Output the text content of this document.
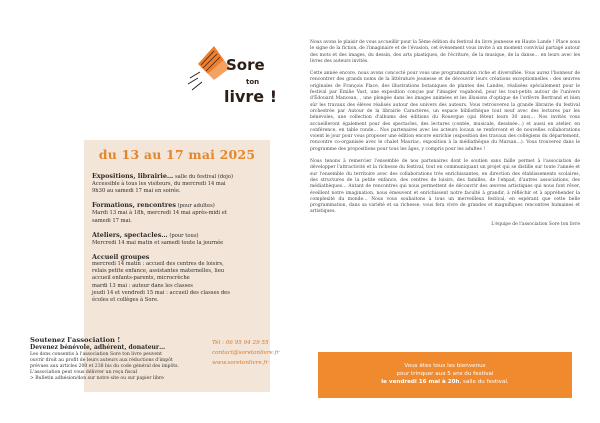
Sore
ton
livre !
du 13 au 17 mai 2025
Expositions, librairie… salle du festival (dojo)
Accessible à tous les visiteurs, du mercredi 14 mai
9h30 au samedi 17 mai en soirée.
Formations, rencontres (pour adultes)
Mardi 13 mai à 18h, mercredi 14 mai après-midi et
samedi 17 mai.
Ateliers, spectacles… (pour tous)
Mercredi 14 mai matin et samedi toute la journée
Accueil groupes
mercredi 14 matin : accueil des centres de loisirs,
relais petite enfance, assistantes maternelles, lieu
accueil enfants-parents, microcrèche
mardi 13 mai : auteur dans les classes
jeudi 14 et vendredi 15 mai : accueil des classes des
écoles et collèges à Sore.
Soutenez l'association !
Devenez bénévole, adhérent, donateur…
Les dons consentis à l'association Sore ton livre peuvent
ouvrir droit au profit de leurs auteurs aux réductions d'impôt
prévues aux articles 200 et 238 bis du code général des impôts.
L'association peut vous délivrer un reçu fiscal
> Bulletin adhésion/don sur notre site ou sur papier libre
Tél : 06 95 94 29 55
contact@soretonlivre.fr
www.soretonlivre.fr

Nous avons le plaisir de vous accueillir pour la 5ème édition du festival du livre jeunesse en Haute Lande ! Place sous le signe de la fiction, de l'imaginaire et de l'évasion, cet évènement vous invite à un moment convivial partagé autour des mots et des images, du dessin, des arts plastiques, de l'écriture, de la musique, de la danse… en leurs avec les livres des auteurs invités.

Cette année encore, nous avons concocté pour vous une programmation riche et diversifiée. Vous aurez l'honneur de rencontrer des grands noms de la littérature jeunesse et de découvrir leurs créations exceptionnelles : des œuvres originales de François Place, des illustrations botaniques de plantes des Landes, réalisées spécialement pour le festival par Émilie Vast, une exposition conçue par l'imagier vagabond, pour les tout-petits autour de l'univers d'Édouard Manceau, , une plongée dans les images animées et les illusions d'optique de l'orfèvre Bertrand et bien sûr les travaux des élèves réalisés autour des univers des auteurs. Vous retrouverez la grande librairie du festival orchestrée par Autour de la librairie Caractères, un espace bibliothèque tout neuf avec des lectures par les bénévoles, une collection d'albums des éditions du Rouergue (qui fêtent leurs 30 ans)… Nos invités vous accueilleront également pour des spectacles, des lectures (contée, musicale, dessinée…) et aussi en atelier, en conférence, en table ronde… Nos partenaires avec les acteurs locaux se renforcent et de nouvelles collaborations voient le jour pour vous proposer une édition encore enrichie (exposition des travaux des collégiens du département, rencontre co-organisée avec le chalet Mauriac, exposition à la médiathèque du Marsan…). Vous trouverez dans le programme des propositions pour tous les âges, y compris pour les adultes !

Nous tenons à remercier l'ensemble de nos partenaires dont le soutien sans faille permet à l'association de développer l'attractivité et la richesse du festival, tout en communiquant un projet qui se distille sur toute l'année et sur l'ensemble du territoire avec des collaborations très enrichissantes, en direction des établissements scolaires, des structures de la petite enfance, des centres de loisirs, des familles, de l'ehpad, d'autres associations, des médiathèques… Autant de rencontres qui nous permettent de découvrir des œuvres artistiques qui nous font rêver, éveillent notre imagination, nous émeuvent et enrichissent notre faculté à grandir, à réfléchir et à appréhender la complexité du monde… Nous vous souhaitons à tous un merveilleux festival, en espérant que cette belle programmation, dans sa variété et sa richesse, vous fera vivre de grandes et magnifiques rencontres humaines et artistiques.

L'équipe de l'association Sore ton livre
Vous êtes tous les bienvenus
pour trinquer aux 5 ans du festival
le vendredi 16 mai à 20h, salle du festival.
